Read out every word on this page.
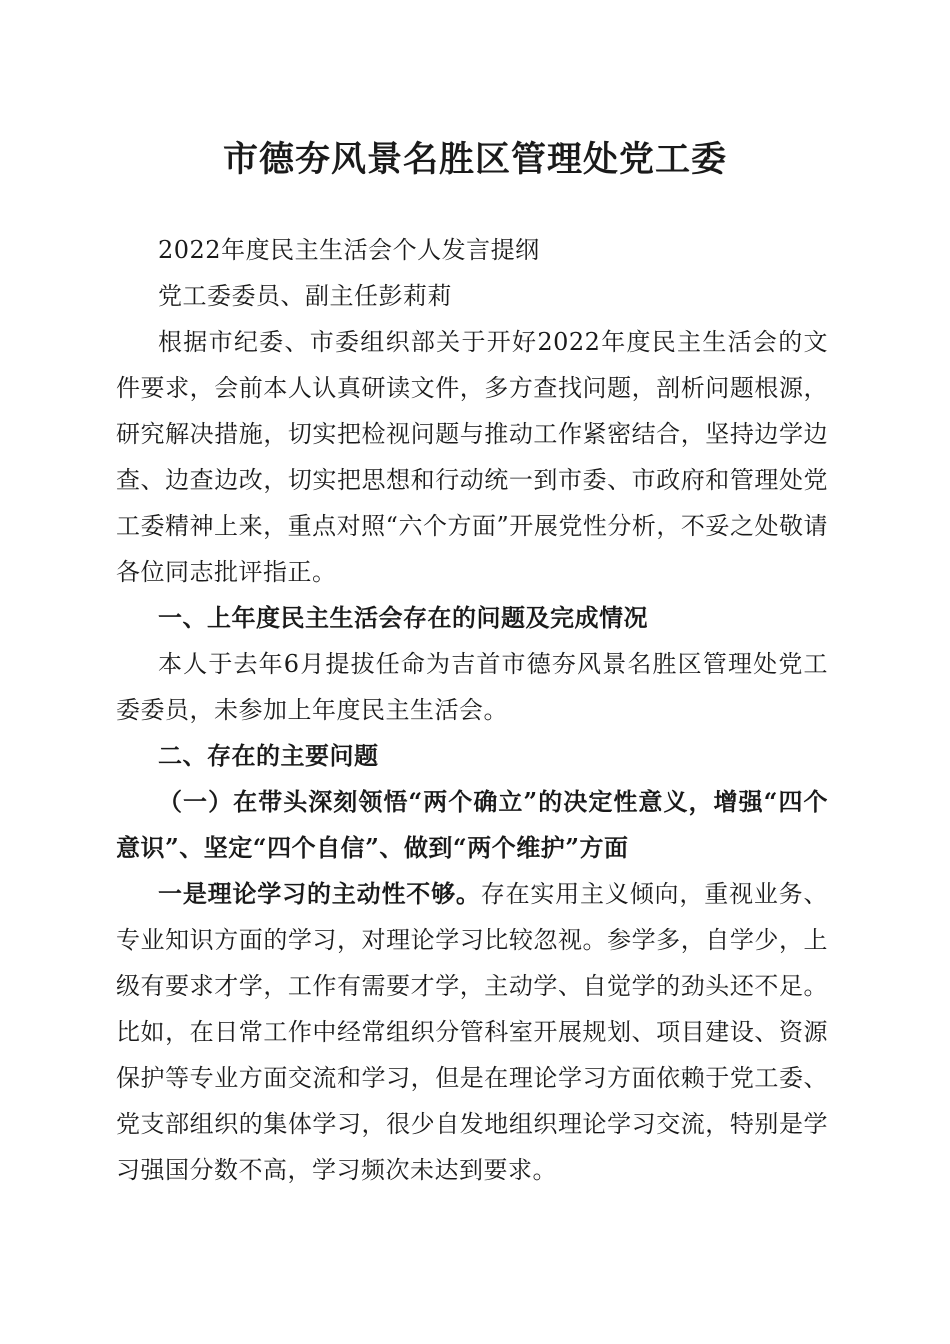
市德夯风景名胜区管理处党工委

2022年度民主生活会个人发言提纲

党工委委员、副主任彭莉莉

根据市纪委、市委组织部关于开好2022年度民主生活会的文件要求，会前本人认真研读文件，多方查找问题，剖析问题根源，研究解决措施，切实把检视问题与推动工作紧密结合，坚持边学边查、边查边改，切实把思想和行动统一到市委、市政府和管理处党工委精神上来，重点对照“六个方面”开展党性分析，不妥之处敬请各位同志批评指正。

一、上年度民主生活会存在的问题及完成情况

本人于去年6月提拔任命为吉首市德夯风景名胜区管理处党工委委员，未参加上年度民主生活会。

二、存在的主要问题

（一）在带头深刻领悟“两个确立”的决定性意义，增强“四个意识”、坚定“四个自信”、做到“两个维护”方面

一是理论学习的主动性不够。存在实用主义倾向，重视业务、专业知识方面的学习，对理论学习比较忽视。参学多，自学少，上级有要求才学，工作有需要才学，主动学、自觉学的劲头还不足。比如，在日常工作中经常组织分管科室开展规划、项目建设、资源保护等专业方面交流和学习，但是在理论学习方面依赖于党工委、党支部组织的集体学习，很少自发地组织理论学习交流，特别是学习强国分数不高，学习频次未达到要求。
